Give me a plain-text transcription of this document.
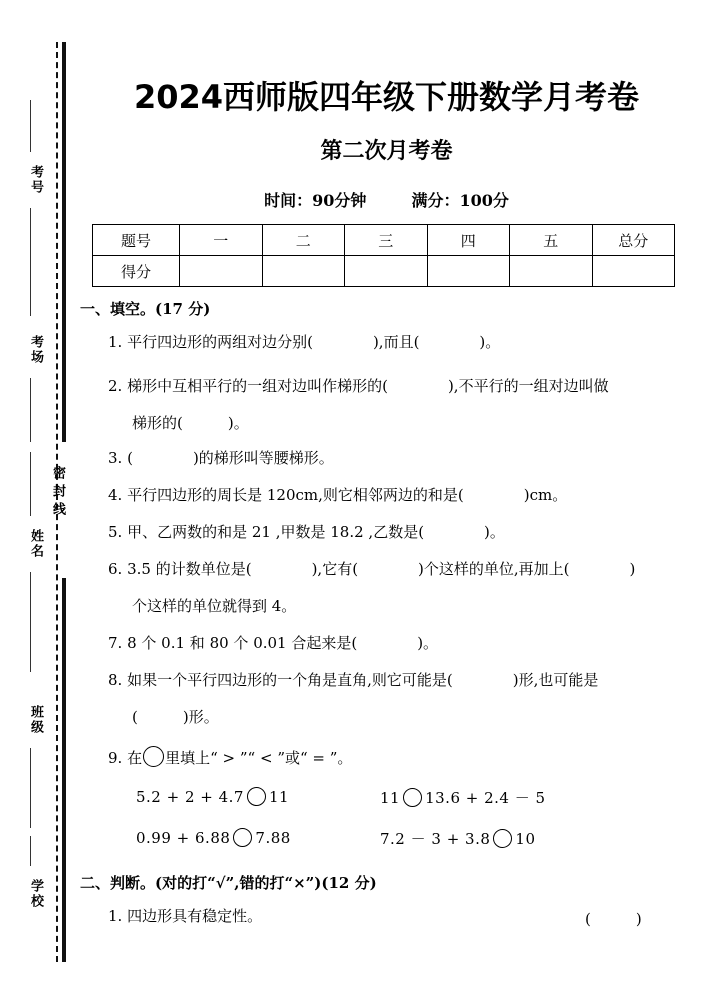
密封线
考号
考场
姓名
班级
学校
2024西师版四年级下册数学月考卷
第二次月考卷
时间：90分钟	满分：100分
题号	一	二	三	四	五	总分
得分						
一、填空。(17 分)
1. 平行四边形的两组对边分别(　　　　),而且(　　　　)。
2. 梯形中互相平行的一组对边叫作梯形的(　　　　),不平行的一组对边叫做
梯形的(　　　)。
3. (　　　　)的梯形叫等腰梯形。
4. 平行四边形的周长是 120cm,则它相邻两边的和是(　　　　)cm。
5. 甲、乙两数的和是 21 ,甲数是 18.2 ,乙数是(　　　　)。
6. 3.5 的计数单位是(　　　　),它有(　　　　)个这样的单位,再加上(　　　　)
个这样的单位就得到 4。
7. 8 个 0.1 和 80 个 0.01 合起来是(　　　　)。
8. 如果一个平行四边形的一个角是直角,则它可能是(　　　　)形,也可能是
(　　　)形。
9. 在 里填上“ > ”“ < ”或“ = ”。
5.2 + 2 + 4.7 11	11 13.6 + 2.4 － 5
0.99 + 6.88 7.88	7.2 － 3 + 3.8 10
二、判断。(对的打“√”,错的打“×”)(12 分)
1. 四边形具有稳定性。	(　　　)
